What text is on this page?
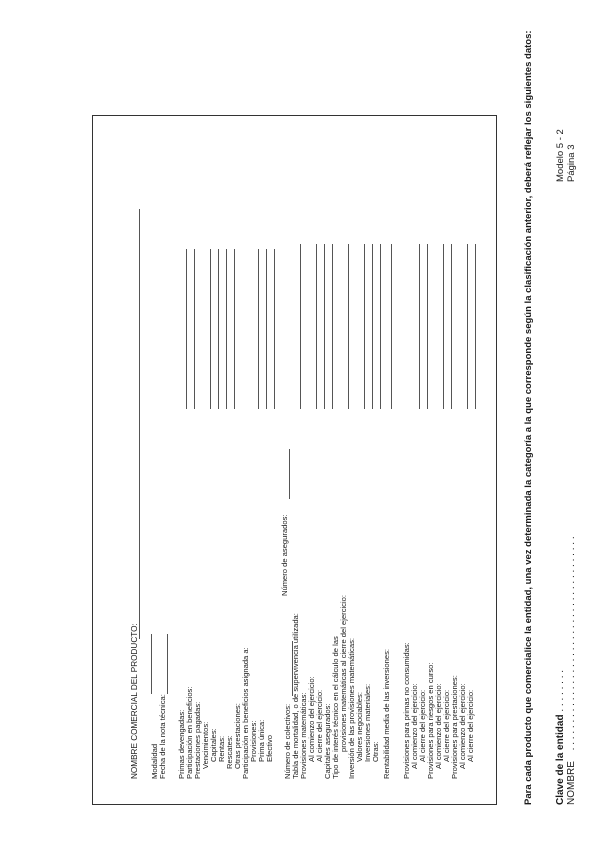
Clave de la entidad . . . . . . . .
NOMBRE . . . . . . . . . . . . . . . . . . . . . . . . . . . . . . . . . . . . . . .
Modelo 5 - 2 Página 3
Para cada producto que comercialice la entidad, una vez determinada la categoría a la que corresponde según la clasificación anterior, deberá reflejar los siguientes datos:
NOMBRE COMERCIAL DEL PRODUCTO: Modalidad Fecha de la nota técnica: Primas devengadas: Participación en beneficios: Prestaciones pagadas: Vencimientos: Capitales: Rentas: Rescates: Otras prestaciones: Participación en beneficios asignada a: Provisiones: Prima única: Efectivo Número de colectivos:
Número de asegurados:
Tabla de mortalidad, o de supervivencia utilizada: Provisiones matemáticas: Al comienzo del ejercicio: Al cierre del ejercicio: Capitales asegurados: Tipo de interés técnico en el cálculo de las provisiones matemáticas al cierre del ejercicio: Inversión de las provisiones matemáticas: Valores negociables: Inversiones materiales: Otras: Rentabilidad media de las inversiones: Provisiones para primas no consumidas: Al comienzo del ejercicio: Al cierre del ejercicio: Provisiones para riesgos en curso: Al comienzo del ejercicio: Al cierre del ejercicio: Provisiones para prestaciones: Al comienzo del ejercicio: Al cierre del ejercicio:
